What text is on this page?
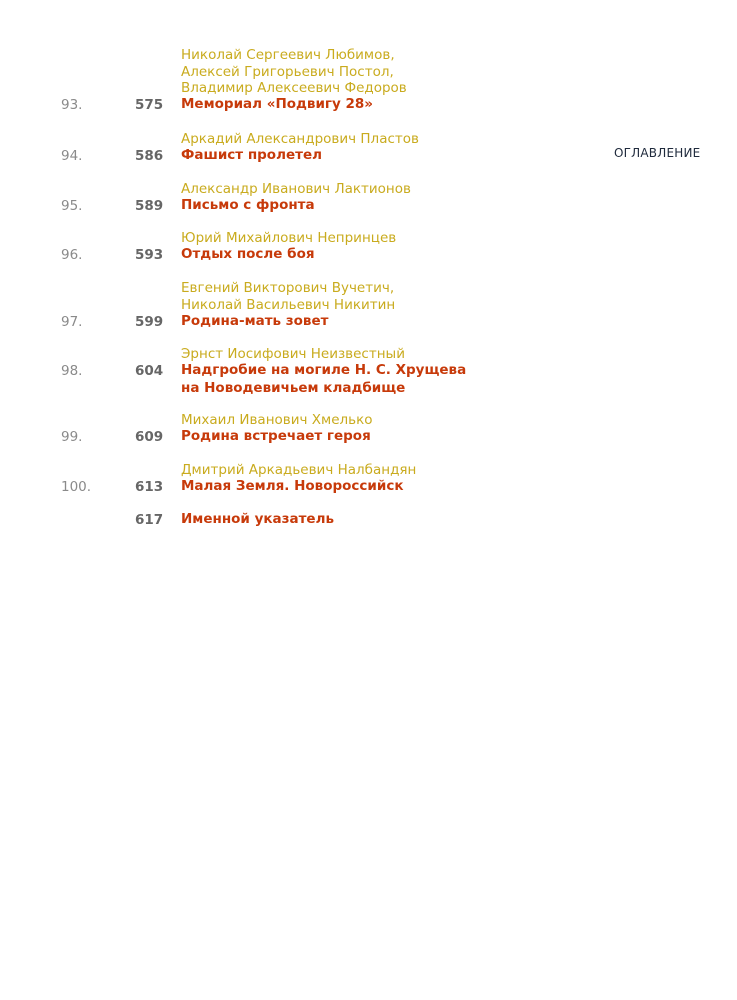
ОГЛАВЛЕНИЕ
Николай Сергеевич Любимов,
Алексей Григорьевич Постол,
Владимир Алексеевич Федоров
93.	575 Мемориал «Подвигу 28»
Аркадий Александрович Пластов
94.	586 Фашист пролетел
Александр Иванович Лактионов
95.	589 Письмо с фронта
Юрий Михайлович Непринцев
96.	593 Отдых после боя
Евгений Викторович Вучетич,
Николай Васильевич Никитин
97.	599 Родина-мать зовет
Эрнст Иосифович Неизвестный
98.	604 Надгробие на могиле Н. С. Хрущева
на Новодевичьем кладбище
Михаил Иванович Хмелько
99.	609 Родина встречает героя
Дмитрий Аркадьевич Налбандян
100.	613 Малая Земля. Новороссийск
617 Именной указатель
